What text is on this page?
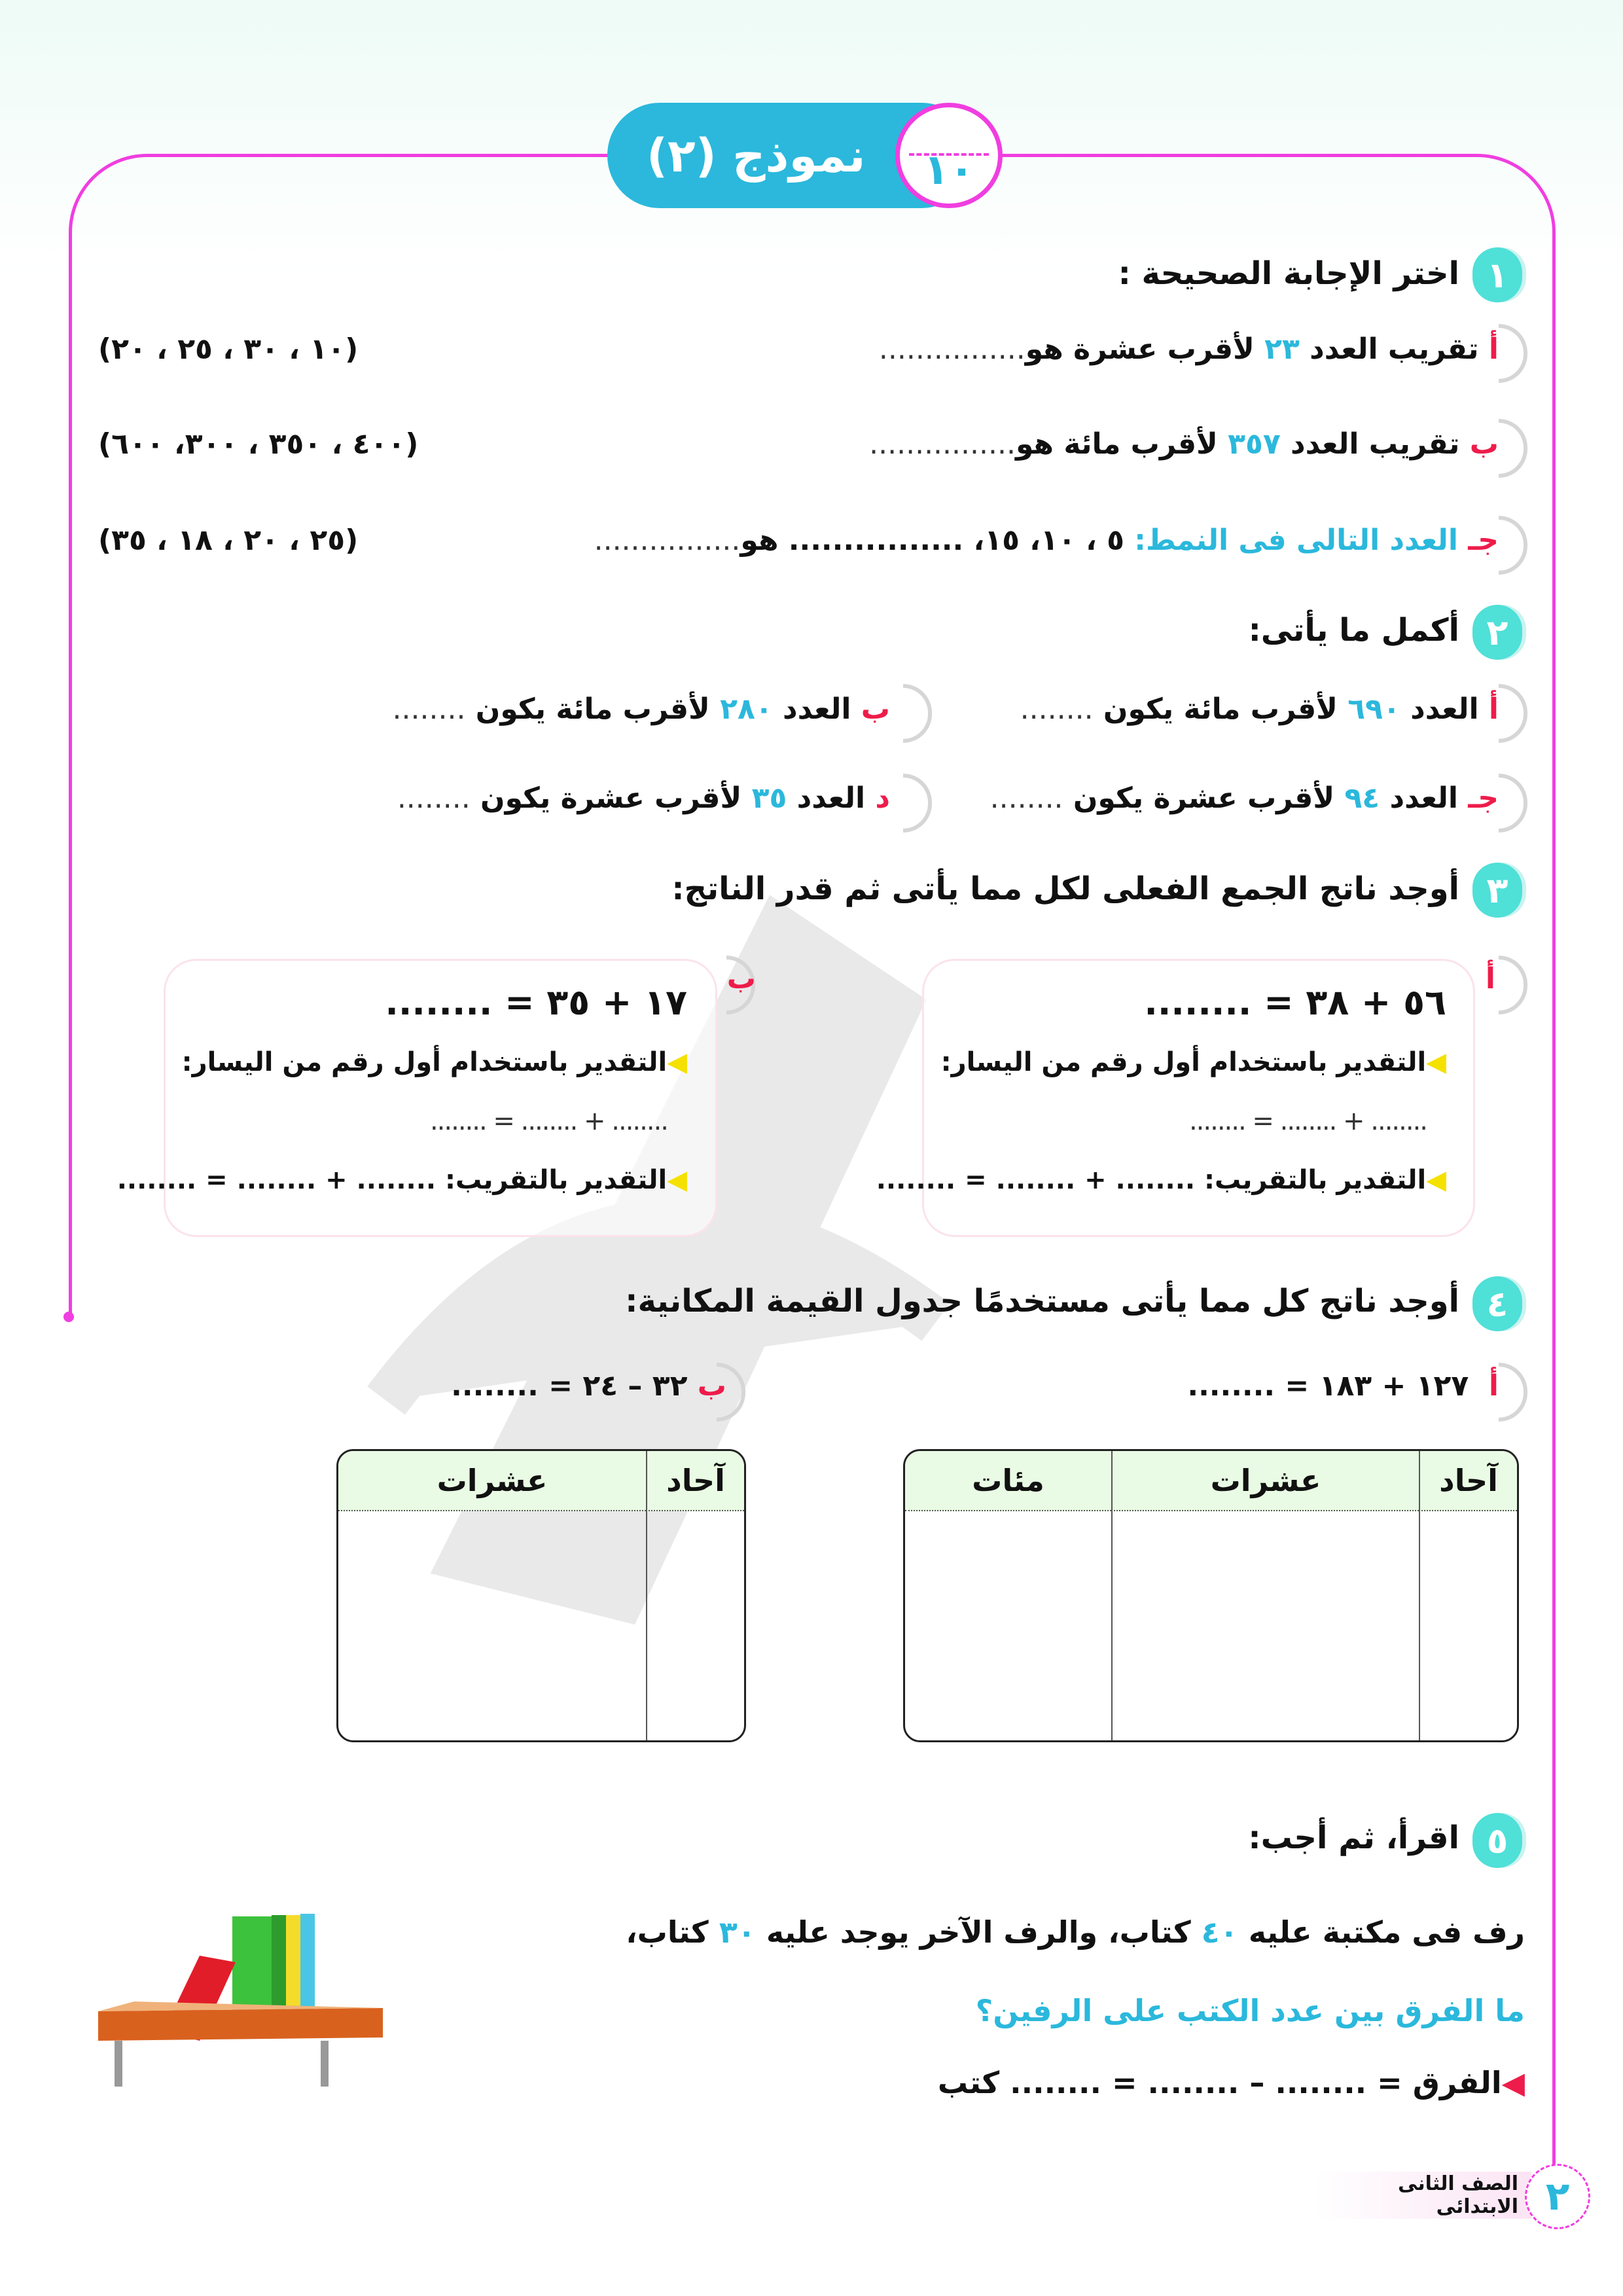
نموذج (٢) ١٠
١
اختر الإجابة الصحيحة :
أ تقريب العدد ٢٣ لأقرب عشرة هو................
(١٠ ، ٣٠ ، ٢٥ ، ٢٠)
ب تقريب العدد ٣٥٧ لأقرب مائة هو................
(٤٠٠ ، ٣٥٠ ، ٣٠٠، ٦٠٠)
جـ العدد التالى فى النمط: ٥ ، ١٠، ١٥، ................ هو................
(٢٥ ، ٢٠ ، ١٨ ، ٣٥)
٢
أكمل ما يأتى:
أ العدد ٦٩٠ لأقرب مائة يكون ........
ب العدد ٢٨٠ لأقرب مائة يكون ........
جـ العدد ٩٤ لأقرب عشرة يكون ........
د العدد ٣٥ لأقرب عشرة يكون ........
٣
أوجد ناتج الجمع الفعلى لكل مما يأتى ثم قدر الناتج:
أ
٥٦ + ٣٨ = ........
◀التقدير باستخدام أول رقم من اليسار:
........ + ........ = ........
◀التقدير بالتقريب: ........ + ........ = ........
ب
١٧ + ٣٥ = ........
◀التقدير باستخدام أول رقم من اليسار:
........ + ........ = ........
◀التقدير بالتقريب: ........ + ........ = ........
٤
أوجد ناتج كل مما يأتى مستخدمًا جدول القيمة المكانية:
أ  ١٢٧ + ١٨٣ = ........
ب ٣٢ – ٢٤ = ........
آحاد	عشرات	مئات

آحاد	عشرات

٥
اقرأ، ثم أجب:
رف فى مكتبة عليه ٤٠ كتاب، والرف الآخر يوجد عليه ٣٠ كتاب،
ما الفرق بين عدد الكتب على الرفين؟
◀الفرق = ........ – ........ = ........ كتب
الصف الثانى الابتدائى ٢
